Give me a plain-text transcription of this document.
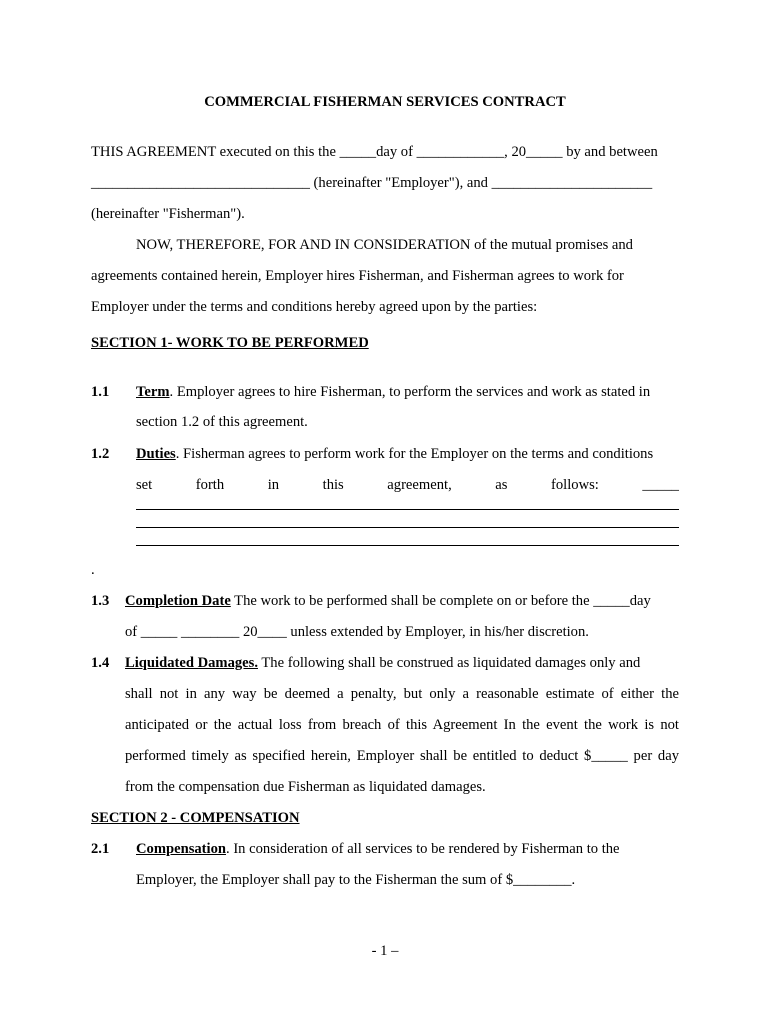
COMMERCIAL FISHERMAN SERVICES CONTRACT
THIS AGREEMENT executed on this the _____day of ____________, 20_____ by and between
______________________________ (hereinafter "Employer"), and ______________________
(hereinafter "Fisherman").
NOW, THEREFORE, FOR AND IN CONSIDERATION of the mutual promises and
agreements contained herein, Employer hires Fisherman, and Fisherman agrees to work for
Employer under the terms and conditions hereby agreed upon by the parties:
SECTION 1- WORK TO BE PERFORMED
1.1 Term. Employer agrees to hire Fisherman, to perform the services and work as stated in
section 1.2 of this agreement.
1.2 Duties. Fisherman agrees to perform work for the Employer on the terms and conditions
set	forth	in	this	agreement,	as	follows:	_____
.
1.3 Completion Date The work to be performed shall be complete on or before the _____day
of _____ ________ 20____ unless extended by Employer, in his/her discretion.
1.4 Liquidated Damages. The following shall be construed as liquidated damages only and
shall not in any way be deemed a penalty, but only a reasonable estimate of either the
anticipated or the actual loss from breach of this Agreement In the event the work is not
performed timely as specified herein, Employer shall be entitled to deduct $_____ per day
from the compensation due Fisherman as liquidated damages.
SECTION 2 - COMPENSATION
2.1 Compensation. In consideration of all services to be rendered by Fisherman to the
Employer, the Employer shall pay to the Fisherman the sum of $________.
- 1 –
